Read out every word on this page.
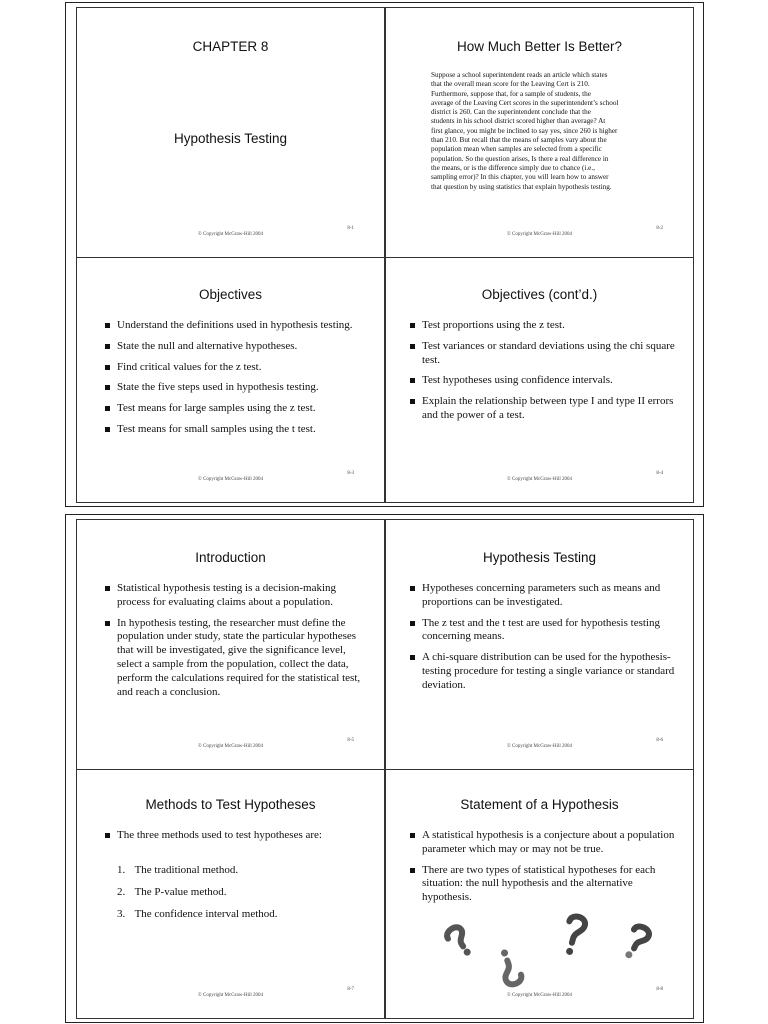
CHAPTER 8
Hypothesis Testing
© Copyright McGraw-Hill 2004
8-1
How Much Better Is Better?
Suppose a school superintendent reads an article which states
that the overall mean score for the Leaving Cert is 210.
Furthermore, suppose that, for a sample of students, the
average of the Leaving Cert scores in the superintendent’s school
district is 260. Can the superintendent conclude that the
students in his school district scored higher than average? At
first glance, you might be inclined to say yes, since 260 is higher
than 210. But recall that the means of samples vary about the
population mean when samples are selected from a specific
population. So the question arises, Is there a real difference in
the means, or is the difference simply due to chance (i.e.,
sampling error)? In this chapter, you will learn how to answer
that question by using statistics that explain hypothesis testing.
© Copyright McGraw-Hill 2004
8-2
Objectives
Understand the definitions used in hypothesis testing.
State the null and alternative hypotheses.
Find critical values for the z test.
State the five steps used in hypothesis testing.
Test means for large samples using the z test.
Test means for small samples using the t test.
© Copyright McGraw-Hill 2004
8-3
Objectives (cont’d.)
Test proportions using the z test.
Test variances or standard deviations using the chi square test.
Test hypotheses using confidence intervals.
Explain the relationship between type I and type II errors and the power of a test.
© Copyright McGraw-Hill 2004
8-4
Introduction
Statistical hypothesis testing is a decision-making process for evaluating claims about a population.
In hypothesis testing, the researcher must define the population under study, state the particular hypotheses that will be investigated, give the significance level, select a sample from the population, collect the data, perform the calculations required for the statistical test, and reach a conclusion.
© Copyright McGraw-Hill 2004
8-5
Hypothesis Testing
Hypotheses concerning parameters such as means and proportions can be investigated.
The z test and the t test are used for hypothesis testing concerning means.
A chi-square distribution can be used for the hypothesis-testing procedure for testing a single variance or standard deviation.
© Copyright McGraw-Hill 2004
8-6
Methods to Test Hypotheses
The three methods used to test hypotheses are:
1. The traditional method.
2. The P-value method.
3. The confidence interval method.
© Copyright McGraw-Hill 2004
8-7
Statement of a Hypothesis
A statistical hypothesis is a conjecture about a population parameter which may or may not be true.
There are two types of statistical hypotheses for each situation: the null hypothesis and the alternative hypothesis.
© Copyright McGraw-Hill 2004
8-8
